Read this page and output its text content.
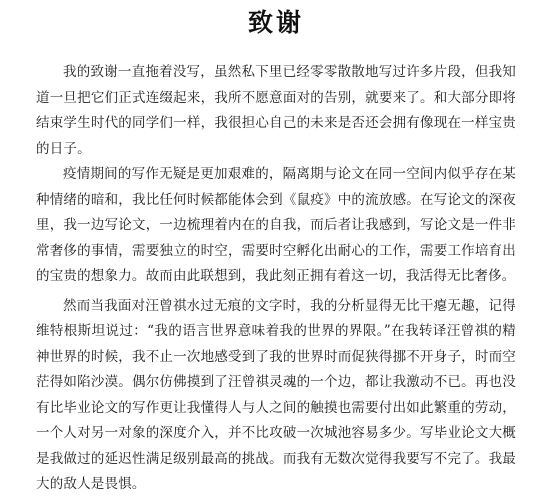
致谢

我的致谢一直拖着没写，虽然私下里已经零零散散地写过许多片段，但我知道一旦把它们正式连缀起来，我所不愿意面对的告别，就要来了。和大部分即将结束学生时代的同学们一样，我很担心自己的未来是否还会拥有像现在一样宝贵的日子。

疫情期间的写作无疑是更加艰难的，隔离期与论文在同一空间内似乎存在某种情绪的暗和，我比任何时候都能体会到《鼠疫》中的流放感。在写论文的深夜里，我一边写论文，一边梳理着内在的自我，而后者让我感到，写论文是一件非常奢侈的事情，需要独立的时空，需要时空孵化出耐心的工作，需要工作培育出的宝贵的想象力。故而由此联想到，我此刻正拥有着这一切，我活得无比奢侈。

然而当我面对汪曾祺水过无痕的文字时，我的分析显得无比干瘪无趣，记得维特根斯坦说过：“我的语言世界意味着我的世界的界限。”在我转译汪曾祺的精神世界的时候，我不止一次地感受到了我的世界时而促狭得挪不开身子，时而空茫得如陷沙漠。偶尔仿佛摸到了汪曾祺灵魂的一个边，都让我激动不已。再也没有比毕业论文的写作更让我懂得人与人之间的触摸也需要付出如此繁重的劳动，一个人对另一对象的深度介入，并不比攻破一次城池容易多少。写毕业论文大概是我做过的延迟性满足级别最高的挑战。而我有无数次觉得我要写不完了。我最大的敌人是畏惧。
